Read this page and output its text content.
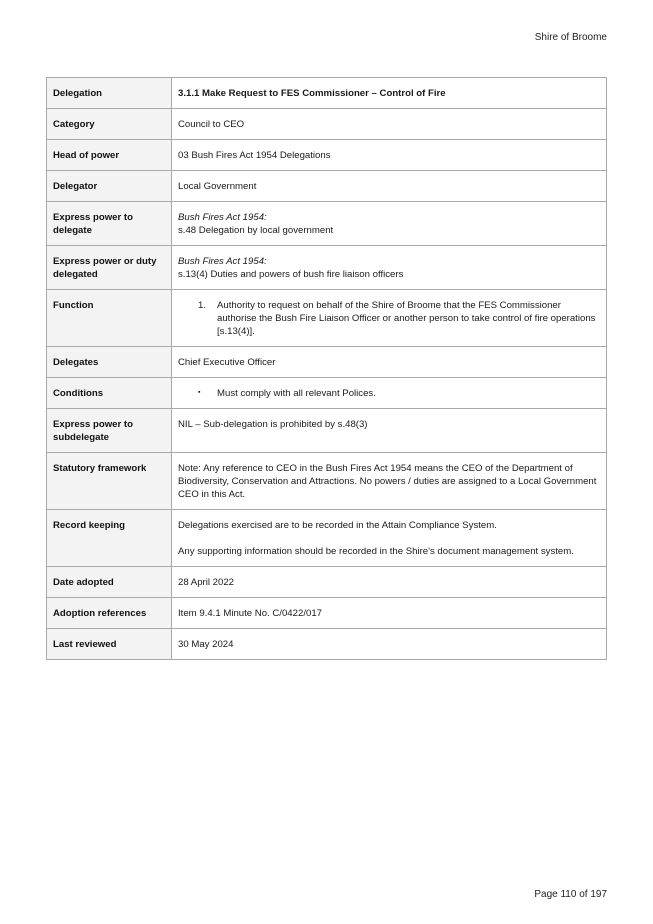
Shire of Broome
Delegation	3.1.1 Make Request to FES Commissioner – Control of Fire
Category	Council to CEO
Head of power	03 Bush Fires Act 1954 Delegations
Delegator	Local Government
Express power to delegate	Bush Fires Act 1954:
s.48 Delegation by local government
Express power or duty delegated	Bush Fires Act 1954:
s.13(4) Duties and powers of bush fire liaison officers
Function	1. Authority to request on behalf of the Shire of Broome that the FES Commissioner authorise the Bush Fire Liaison Officer or another person to take control of fire operations [s.13(4)].

Delegates	Chief Executive Officer
Conditions	▪ Must comply with all relevant Polices.

Express power to subdelegate	NIL – Sub-delegation is prohibited by s.48(3)
Statutory framework	Note: Any reference to CEO in the Bush Fires Act 1954 means the CEO of the Department of Biodiversity, Conservation and Attractions. No powers / duties are assigned to a Local Government CEO in this Act.
Record keeping	Delegations exercised are to be recorded in the Attain Compliance System.
Any supporting information should be recorded in the Shire's document management system.

Date adopted	28 April 2022
Adoption references	Item 9.4.1 Minute No. C/0422/017
Last reviewed	30 May 2024
Page 110 of 197
